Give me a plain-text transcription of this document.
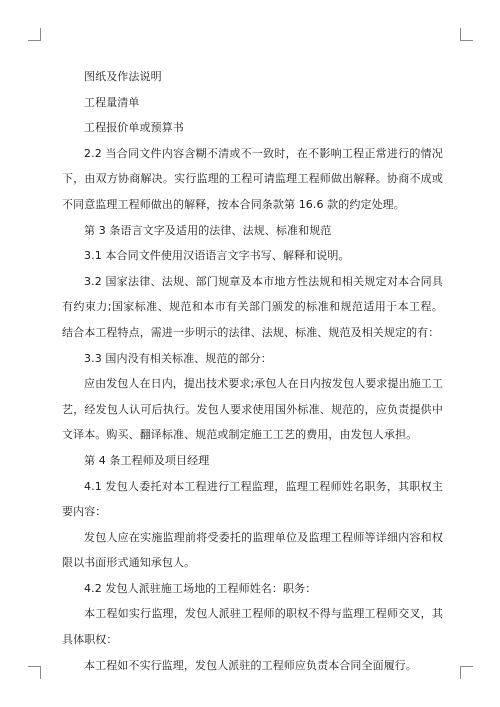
图纸及作法说明

工程量清单

工程报价单或预算书

2.2 当合同文件内容含糊不清或不一致时，在不影响工程正常进行的情况下，由双方协商解决。实行监理的工程可请监理工程师做出解释。协商不成或不同意监理工程师做出的解释，按本合同条款第 16.6 款的约定处理。

第 3 条语言文字及适用的法律、法规、标准和规范

3.1 本合同文件使用汉语语言文字书写、解释和说明。

3.2 国家法律、法规、部门规章及本市地方性法规和相关规定对本合同具有约束力;国家标准、规范和本市有关部门颁发的标准和规范适用于本工程。结合本工程特点，需进一步明示的法律、法规、标准、规范及相关规定的有：

3.3 国内没有相关标准、规范的部分：

应由发包人在日内，提出技术要求;承包人在日内按发包人要求提出施工工艺，经发包人认可后执行。发包人要求使用国外标准、规范的，应负责提供中文译本。购买、翻译标准、规范或制定施工工艺的费用，由发包人承担。

第 4 条工程师及项目经理

4.1 发包人委托对本工程进行工程监理，监理工程师姓名职务，其职权主要内容：

发包人应在实施监理前将受委托的监理单位及监理工程师等详细内容和权限以书面形式通知承包人。

4.2 发包人派驻施工场地的工程师姓名：职务：

本工程如实行监理，发包人派驻工程师的职权不得与监理工程师交叉，其具体职权：

本工程如不实行监理，发包人派驻的工程师应负责本合同全面履行。
